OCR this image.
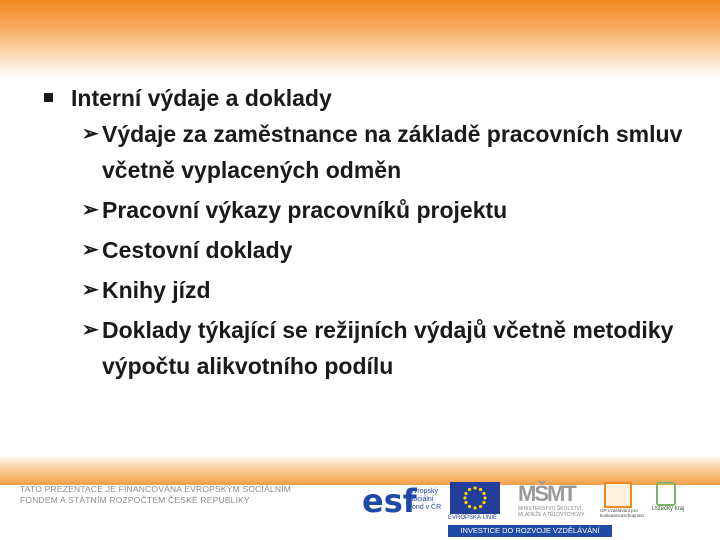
Interní výdaje a doklady
➢ Výdaje za zaměstnance na základě pracovních smluv včetně vyplacených odměn
➢ Pracovní výkazy pracovníků projektu
➢ Cestovní doklady
➢ Knihy jízd
➢ Doklady týkající se režijních výdajů včetně metodiky výpočtu alikvotního podílu
TATO PREZENTACE JE FINANCOVÁNA EVROPSKÝM SOCIÁLNÍM
FONDEM A STÁTNÍM ROZPOČTEM ČESKÉ REPUBLIKY	esf
evropský sociální fond v ČR
EVROPSKÁ UNIE
MŠMT
MINISTERSTVO ŠKOLSTVÍ, MLÁDEŽE A TĚLOVÝCHOVY
OP Vzdělávání pro konkurenceschopnost
Ústecký kraj
INVESTICE DO ROZVOJE VZDĚLÁVÁNÍ
